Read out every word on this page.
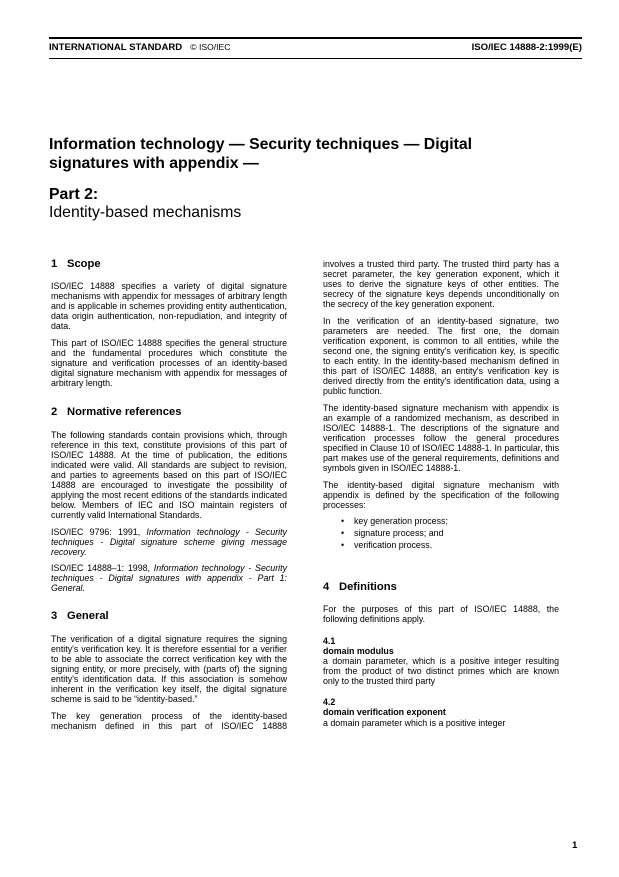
INTERNATIONAL STANDARD © ISO/IEC	ISO/IEC 14888-2:1999(E)
Information technology — Security techniques — Digital signatures with appendix —
Part 2:
Identity-based mechanisms
1 Scope

ISO/IEC 14888 specifies a variety of digital signature mechanisms with appendix for messages of arbitrary length and is applicable in schemes providing entity authentication, data origin authentication, non-repudiation, and integrity of data.

This part of ISO/IEC 14888 specifies the general structure and the fundamental procedures which constitute the signature and verification processes of an identity-based digital signature mechanism with appendix for messages of arbitrary length.

2 Normative references

The following standards contain provisions which, through reference in this text, constitute provisions of this part of ISO/IEC 14888. At the time of publication, the editions indicated were valid. All standards are subject to revision, and parties to agreements based on this part of ISO/IEC 14888 are encouraged to investigate the possibility of applying the most recent editions of the standards indicated below. Members of IEC and ISO maintain registers of currently valid International Standards.

ISO/IEC 9796: 1991, Information technology - Security techniques - Digital signature scheme giving message recovery.

ISO/IEC 14888–1: 1998, Information technology - Security techniques - Digital signatures with appendix - Part 1: General.

3 General

The verification of a digital signature requires the signing entity's verification key. It is therefore essential for a verifier to be able to associate the correct verification key with the signing entity, or more precisely, with (parts of) the signing entity's identification data. If this association is somehow inherent in the verification key itself, the digital signature scheme is said to be “identity-based.”

The key generation process of the identity-based mechanism defined in this part of ISO/IEC 14888

involves a trusted third party. The trusted third party has a secret parameter, the key generation exponent, which it uses to derive the signature keys of other entities. The secrecy of the signature keys depends unconditionally on the secrecy of the key generation exponent.

In the verification of an identity-based signature, two parameters are needed. The first one, the domain verification exponent, is common to all entities, while the second one, the signing entity's verification key, is specific to each entity. In the identity-based mechanism defined in this part of ISO/IEC 14888, an entity's verification key is derived directly from the entity's identification data, using a public function.

The identity-based signature mechanism with appendix is an example of a randomized mechanism, as described in ISO/IEC 14888-1. The descriptions of the signature and verification processes follow the general procedures specified in Clause 10 of ISO/IEC 14888-1. In particular, this part makes use of the general requirements, definitions and symbols given in ISO/IEC 14888-1.

The identity-based digital signature mechanism with appendix is defined by the specification of the following processes:

• key generation process;
• signature process; and
• verification process.
4 Definitions

For the purposes of this part of ISO/IEC 14888, the following definitions apply.

4.1
domain modulus

a domain parameter, which is a positive integer resulting from the product of two distinct primes which are known only to the trusted third party

4.2
domain verification exponent

a domain parameter which is a positive integer

1
